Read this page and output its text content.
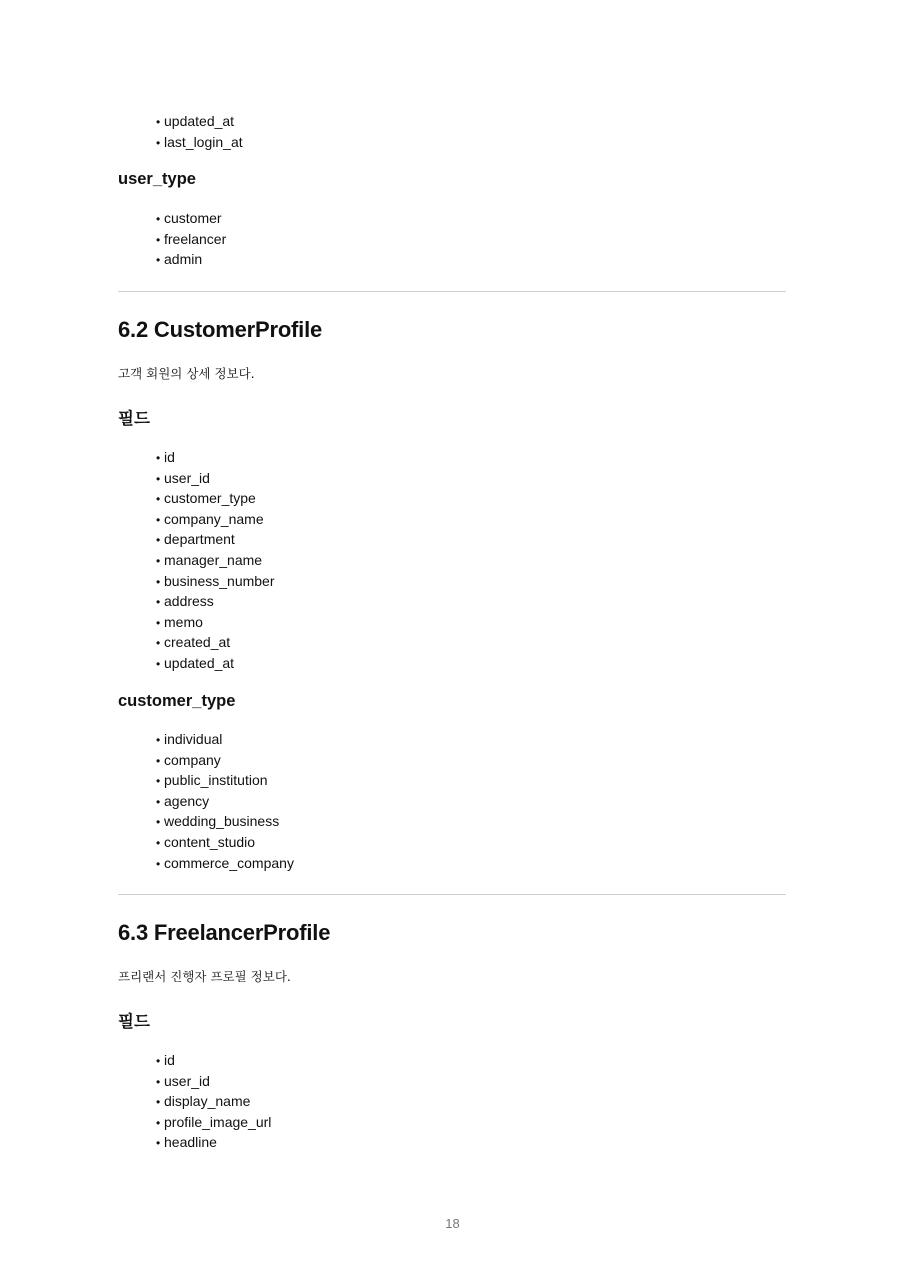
• updated_at
• last_login_at
user_type
• customer
• freelancer
• admin
6.2 CustomerProfile

고객 회원의 상세 정보다.

필드
• id
• user_id
• customer_type
• company_name
• department
• manager_name
• business_number
• address
• memo
• created_at
• updated_at
customer_type
• individual
• company
• public_institution
• agency
• wedding_business
• content_studio
• commerce_company
6.3 FreelancerProfile

프리랜서 진행자 프로필 정보다.

필드
• id
• user_id
• display_name
• profile_image_url
• headline
18
